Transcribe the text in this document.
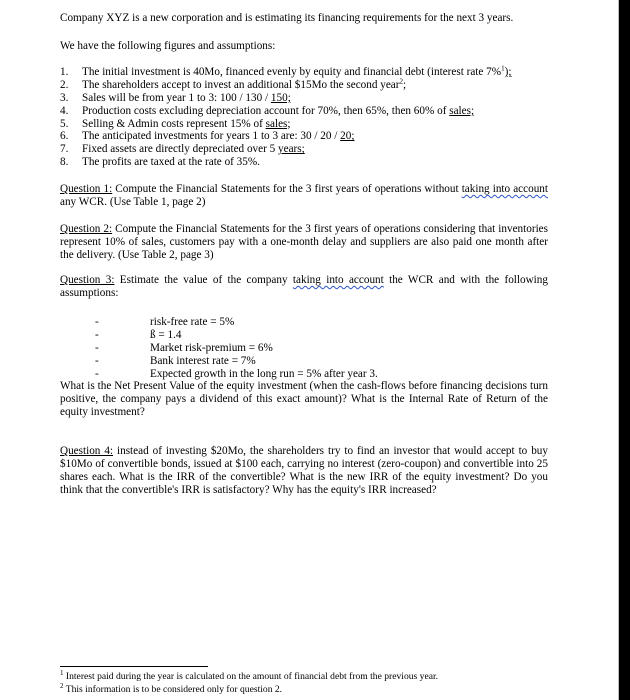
Company XYZ is a new corporation and is estimating its financing requirements for the next 3 years.
We have the following figures and assumptions:
1.	The initial investment is 40Mo, financed evenly by equity and financial debt (interest rate 7%$^1$);
2.	The shareholders accept to invest an additional $15Mo the second year$^2$;
3.	Sales will be from year 1 to 3: 100 / 130 / 150;
4.	Production costs excluding depreciation account for 70%, then 65%, then 60% of sales;
5.	Selling & Admin costs represent 15% of sales;
6.	The anticipated investments for years 1 to 3 are: 30 / 20 / 20;
7.	Fixed assets are directly depreciated over 5 years;
8.	The profits are taxed at the rate of 35%.
Question 1: Compute the Financial Statements for the 3 first years of operations without taking into account any WCR. (Use Table 1, page 2)
Question 2: Compute the Financial Statements for the 3 first years of operations considering that inventories represent 10% of sales, customers pay with a one-month delay and suppliers are also paid one month after the delivery. (Use Table 2, page 3)
Question 3: Estimate the value of the company taking into account the WCR and with the following assumptions:
-	risk-free rate = 5%
-	ß = 1.4
-	Market risk-premium = 6%
-	Bank interest rate = 7%
-	Expected growth in the long run = 5% after year 3.
What is the Net Present Value of the equity investment (when the cash-flows before financing decisions turn positive, the company pays a dividend of this exact amount)? What is the Internal Rate of Return of the equity investment?
Question 4: instead of investing $20Mo, the shareholders try to find an investor that would accept to buy $10Mo of convertible bonds, issued at $100 each, carrying no interest (zero-coupon) and convertible into 25 shares each. What is the IRR of the convertible? What is the new IRR of the equity investment? Do you think that the convertible's IRR is satisfactory? Why has the equity's IRR increased?
$^1$ Interest paid during the year is calculated on the amount of financial debt from the previous year.
$^2$ This information is to be considered only for question 2.
